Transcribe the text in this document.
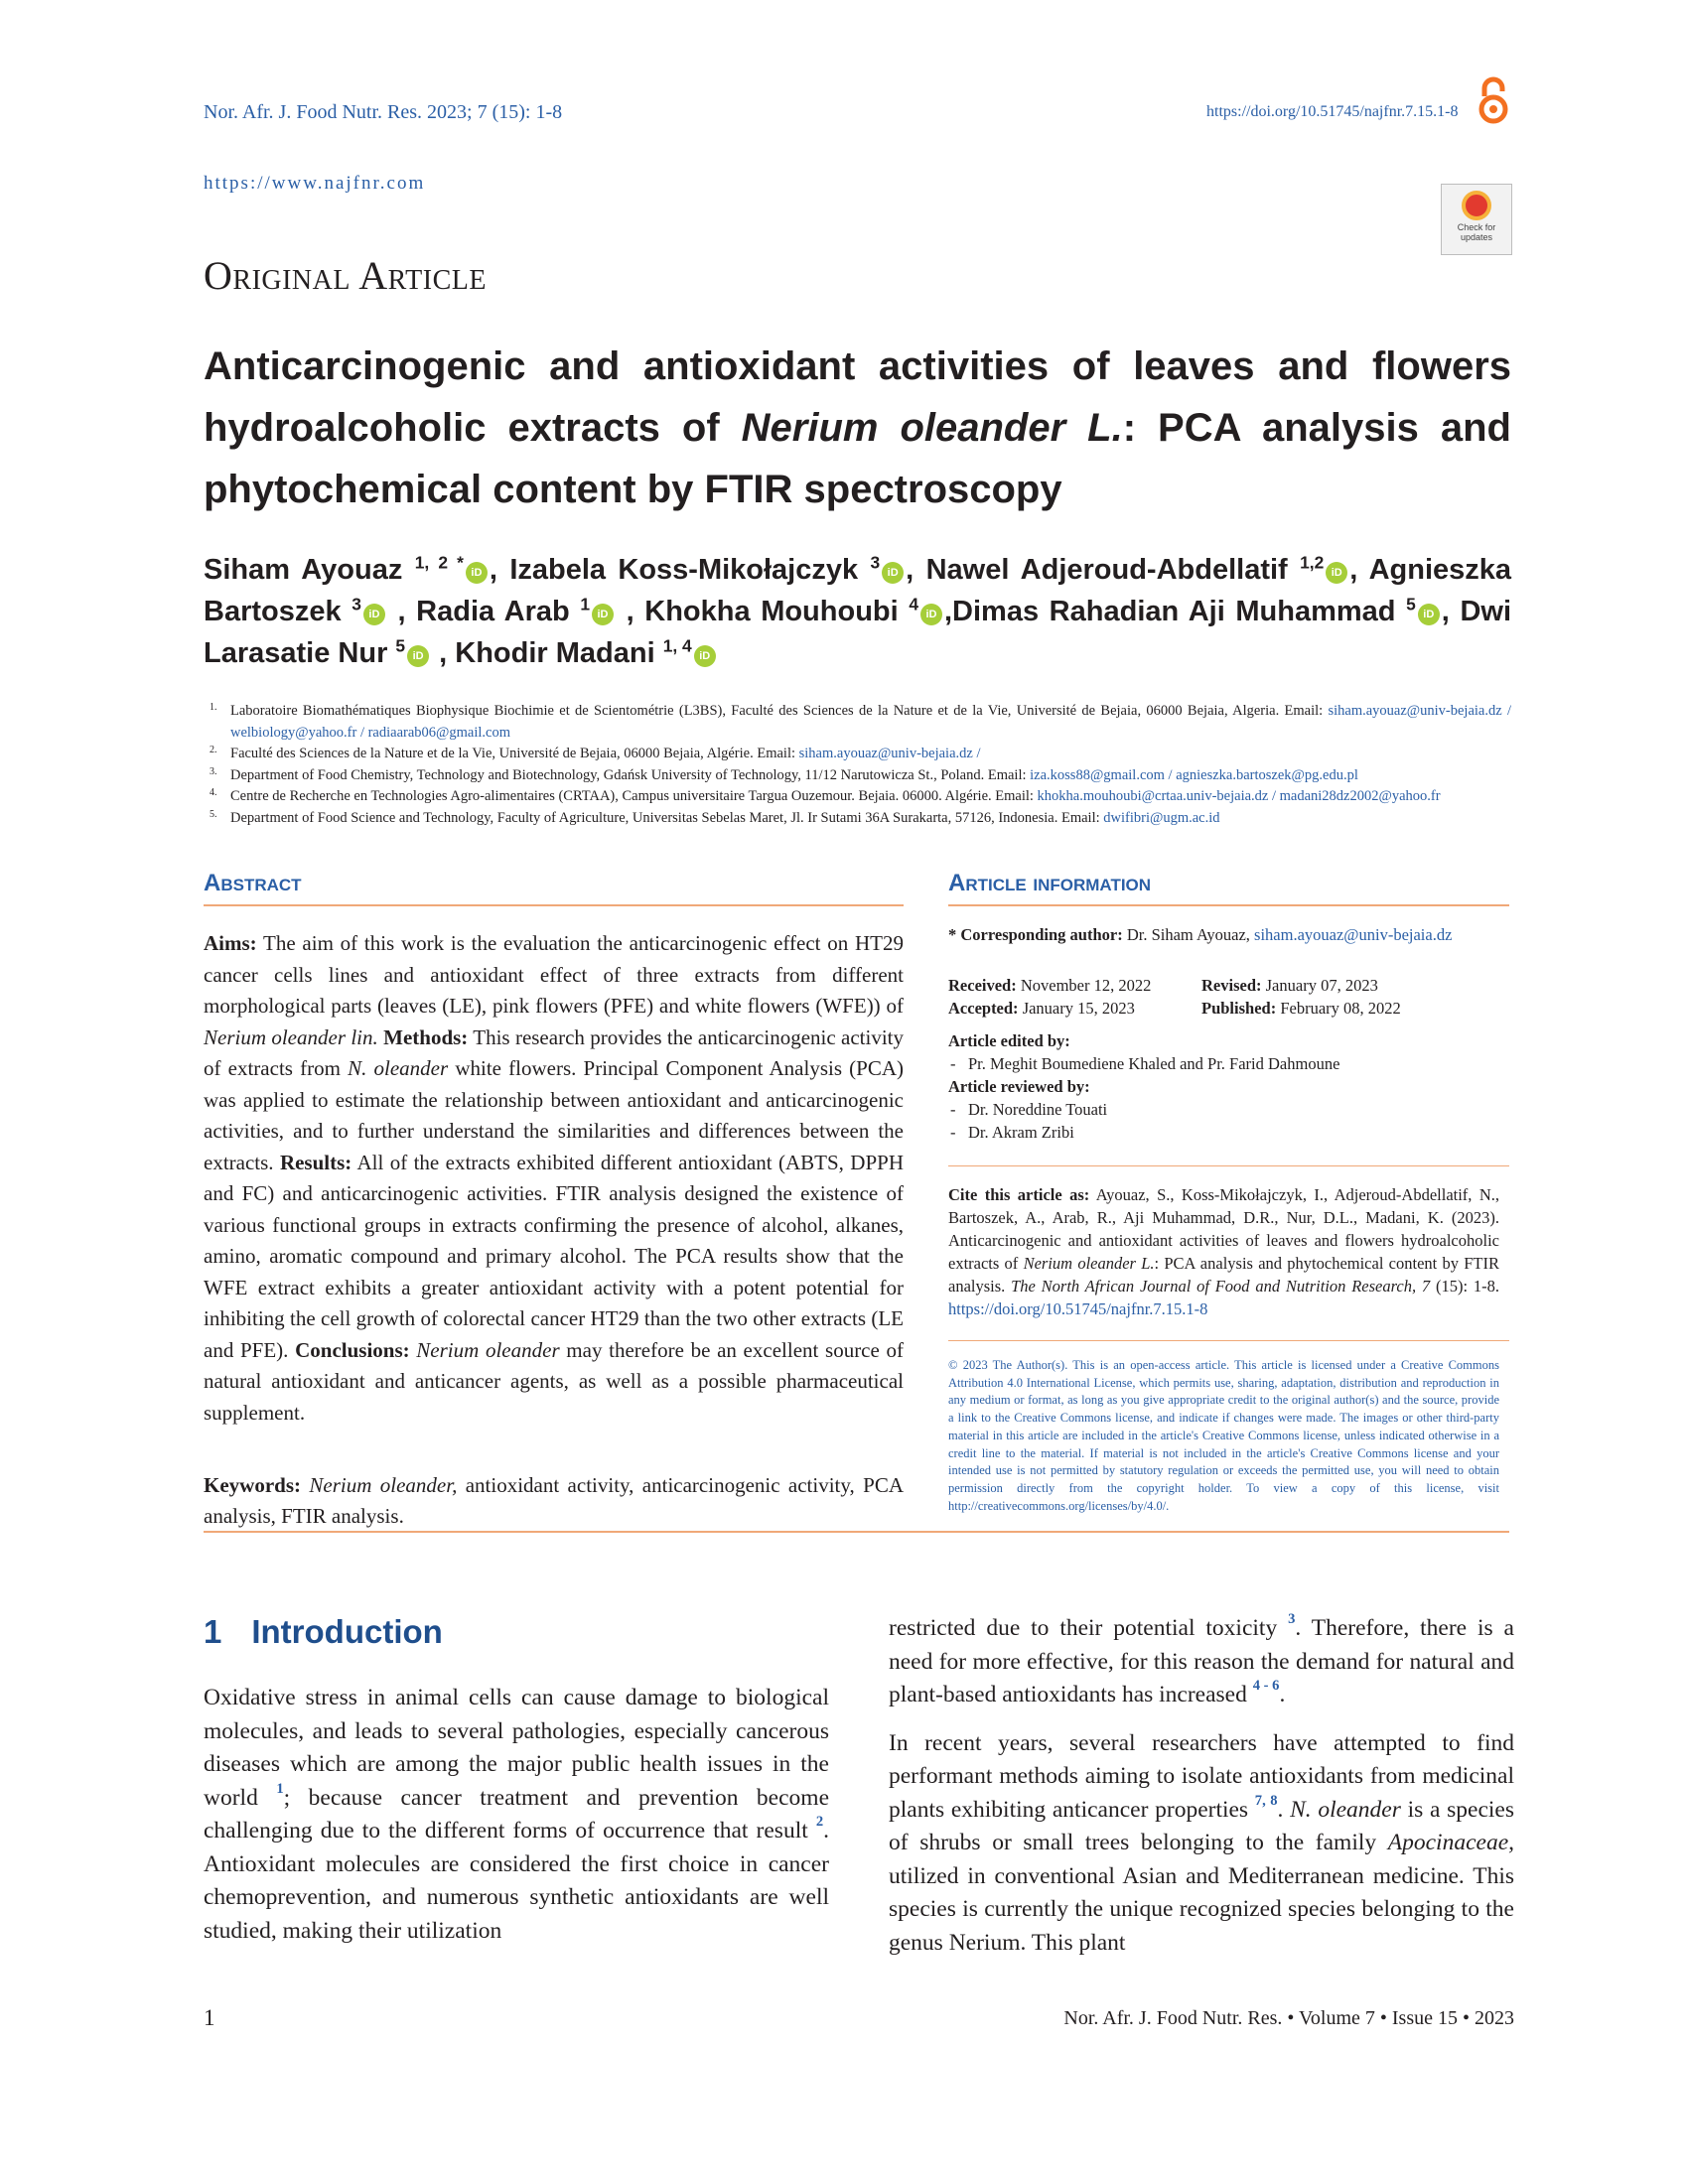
Nor. Afr. J. Food Nutr. Res. 2023; 7 (15): 1-8	https://doi.org/10.51745/najfnr.7.15.1-8
https://www.najfnr.com
Check for updates
Original Article
Anticarcinogenic and antioxidant activities of leaves and flowers hydroalcoholic extracts of Nerium oleander L.: PCA analysis and phytochemical content by FTIR spectroscopy
Siham Ayouaz $^{1, 2 *}$iD , Izabela Koss-Mikołajczyk $^3$iD , Nawel Adjeroud-Abdellatif $^{1,2}$iD , Agnieszka Bartoszek $^3$iD , Radia Arab $^1$iD , Khokha Mouhoubi $^4$iD ,Dimas Rahadian Aji Muhammad $^5$iD , Dwi Larasatie Nur $^5$iD , Khodir Madani $^{1, 4}$iD
1. Laboratoire Biomathématiques Biophysique Biochimie et de Scientométrie (L3BS), Faculté des Sciences de la Nature et de la Vie, Université de Bejaia, 06000 Bejaia, Algeria. Email: siham.ayouaz@univ-bejaia.dz / welbiology@yahoo.fr / radiaarab06@gmail.com
2. Faculté des Sciences de la Nature et de la Vie, Université de Bejaia, 06000 Bejaia, Algérie. Email: siham.ayouaz@univ-bejaia.dz /
3. Department of Food Chemistry, Technology and Biotechnology, Gdańsk University of Technology, 11/12 Narutowicza St., Poland. Email: iza.koss88@gmail.com / agnieszka.bartoszek@pg.edu.pl
4. Centre de Recherche en Technologies Agro-alimentaires (CRTAA), Campus universitaire Targua Ouzemour. Bejaia. 06000. Algérie. Email: khokha.mouhoubi@crtaa.univ-bejaia.dz / madani28dz2002@yahoo.fr
5. Department of Food Science and Technology, Faculty of Agriculture, Universitas Sebelas Maret, Jl. Ir Sutami 36A Surakarta, 57126, Indonesia. Email: dwifibri@ugm.ac.id
Abstract	Article information
Aims: The aim of this work is the evaluation the anticarcinogenic effect on HT29 cancer cells lines and antioxidant effect of three extracts from different morphological parts (leaves (LE), pink flowers (PFE) and white flowers (WFE)) of Nerium oleander lin. Methods: This research provides the anticarcinogenic activity of extracts from N. oleander white flowers. Principal Component Analysis (PCA) was applied to estimate the relationship between antioxidant and anticarcinogenic activities, and to further understand the similarities and differences between the extracts. Results: All of the extracts exhibited different antioxidant (ABTS, DPPH and FC) and anticarcinogenic activities. FTIR analysis designed the existence of various functional groups in extracts confirming the presence of alcohol, alkanes, amino, aromatic compound and primary alcohol. The PCA results show that the WFE extract exhibits a greater antioxidant activity with a potent potential for inhibiting the cell growth of colorectal cancer HT29 than the two other extracts (LE and PFE). Conclusions: Nerium oleander may therefore be an excellent source of natural antioxidant and anticancer agents, as well as a possible pharmaceutical supplement.
Keywords: Nerium oleander, antioxidant activity, anticarcinogenic activity, PCA analysis, FTIR analysis.
* Corresponding author: Dr. Siham Ayouaz, siham.ayouaz@univ-bejaia.dz
Received: November 12, 2022	Revised: January 07, 2023
Accepted: January 15, 2023	Published: February 08, 2022
Article edited by:
- Pr. Meghit Boumediene Khaled and Pr. Farid Dahmoune
Article reviewed by:
- Dr. Noreddine Touati
- Dr. Akram Zribi
Cite this article as: Ayouaz, S., Koss-Mikołajczyk, I., Adjeroud-Abdellatif, N., Bartoszek, A., Arab, R., Aji Muhammad, D.R., Nur, D.L., Madani, K. (2023). Anticarcinogenic and antioxidant activities of leaves and flowers hydroalcoholic extracts of Nerium oleander L.: PCA analysis and phytochemical content by FTIR analysis. The North African Journal of Food and Nutrition Research, 7 (15): 1-8. https://doi.org/10.51745/najfnr.7.15.1-8
© 2023 The Author(s). This is an open-access article. This article is licensed under a Creative Commons Attribution 4.0 International License, which permits use, sharing, adaptation, distribution and reproduction in any medium or format, as long as you give appropriate credit to the original author(s) and the source, provide a link to the Creative Commons license, and indicate if changes were made. The images or other third-party material in this article are included in the article's Creative Commons license, unless indicated otherwise in a credit line to the material. If material is not included in the article's Creative Commons license and your intended use is not permitted by statutory regulation or exceeds the permitted use, you will need to obtain permission directly from the copyright holder. To view a copy of this license, visit http://creativecommons.org/licenses/by/4.0/.
1 Introduction

Oxidative stress in animal cells can cause damage to biological molecules, and leads to several pathologies, especially cancerous diseases which are among the major public health issues in the world $^1$; because cancer treatment and prevention become challenging due to the different forms of occurrence that result $^2$. Antioxidant molecules are considered the first choice in cancer chemoprevention, and numerous synthetic antioxidants are well studied, making their utilization

restricted due to their potential toxicity $^3$. Therefore, there is a need for more effective, for this reason the demand for natural and plant-based antioxidants has increased $^{4 - 6}$.

In recent years, several researchers have attempted to find performant methods aiming to isolate antioxidants from medicinal plants exhibiting anticancer properties $^{7, 8}$. N. oleander is a species of shrubs or small trees belonging to the family Apocinaceae, utilized in conventional Asian and Mediterranean medicine. This species is currently the unique recognized species belonging to the genus Nerium. This plant

1	Nor. Afr. J. Food Nutr. Res. • Volume 7 • Issue 15 • 2023
